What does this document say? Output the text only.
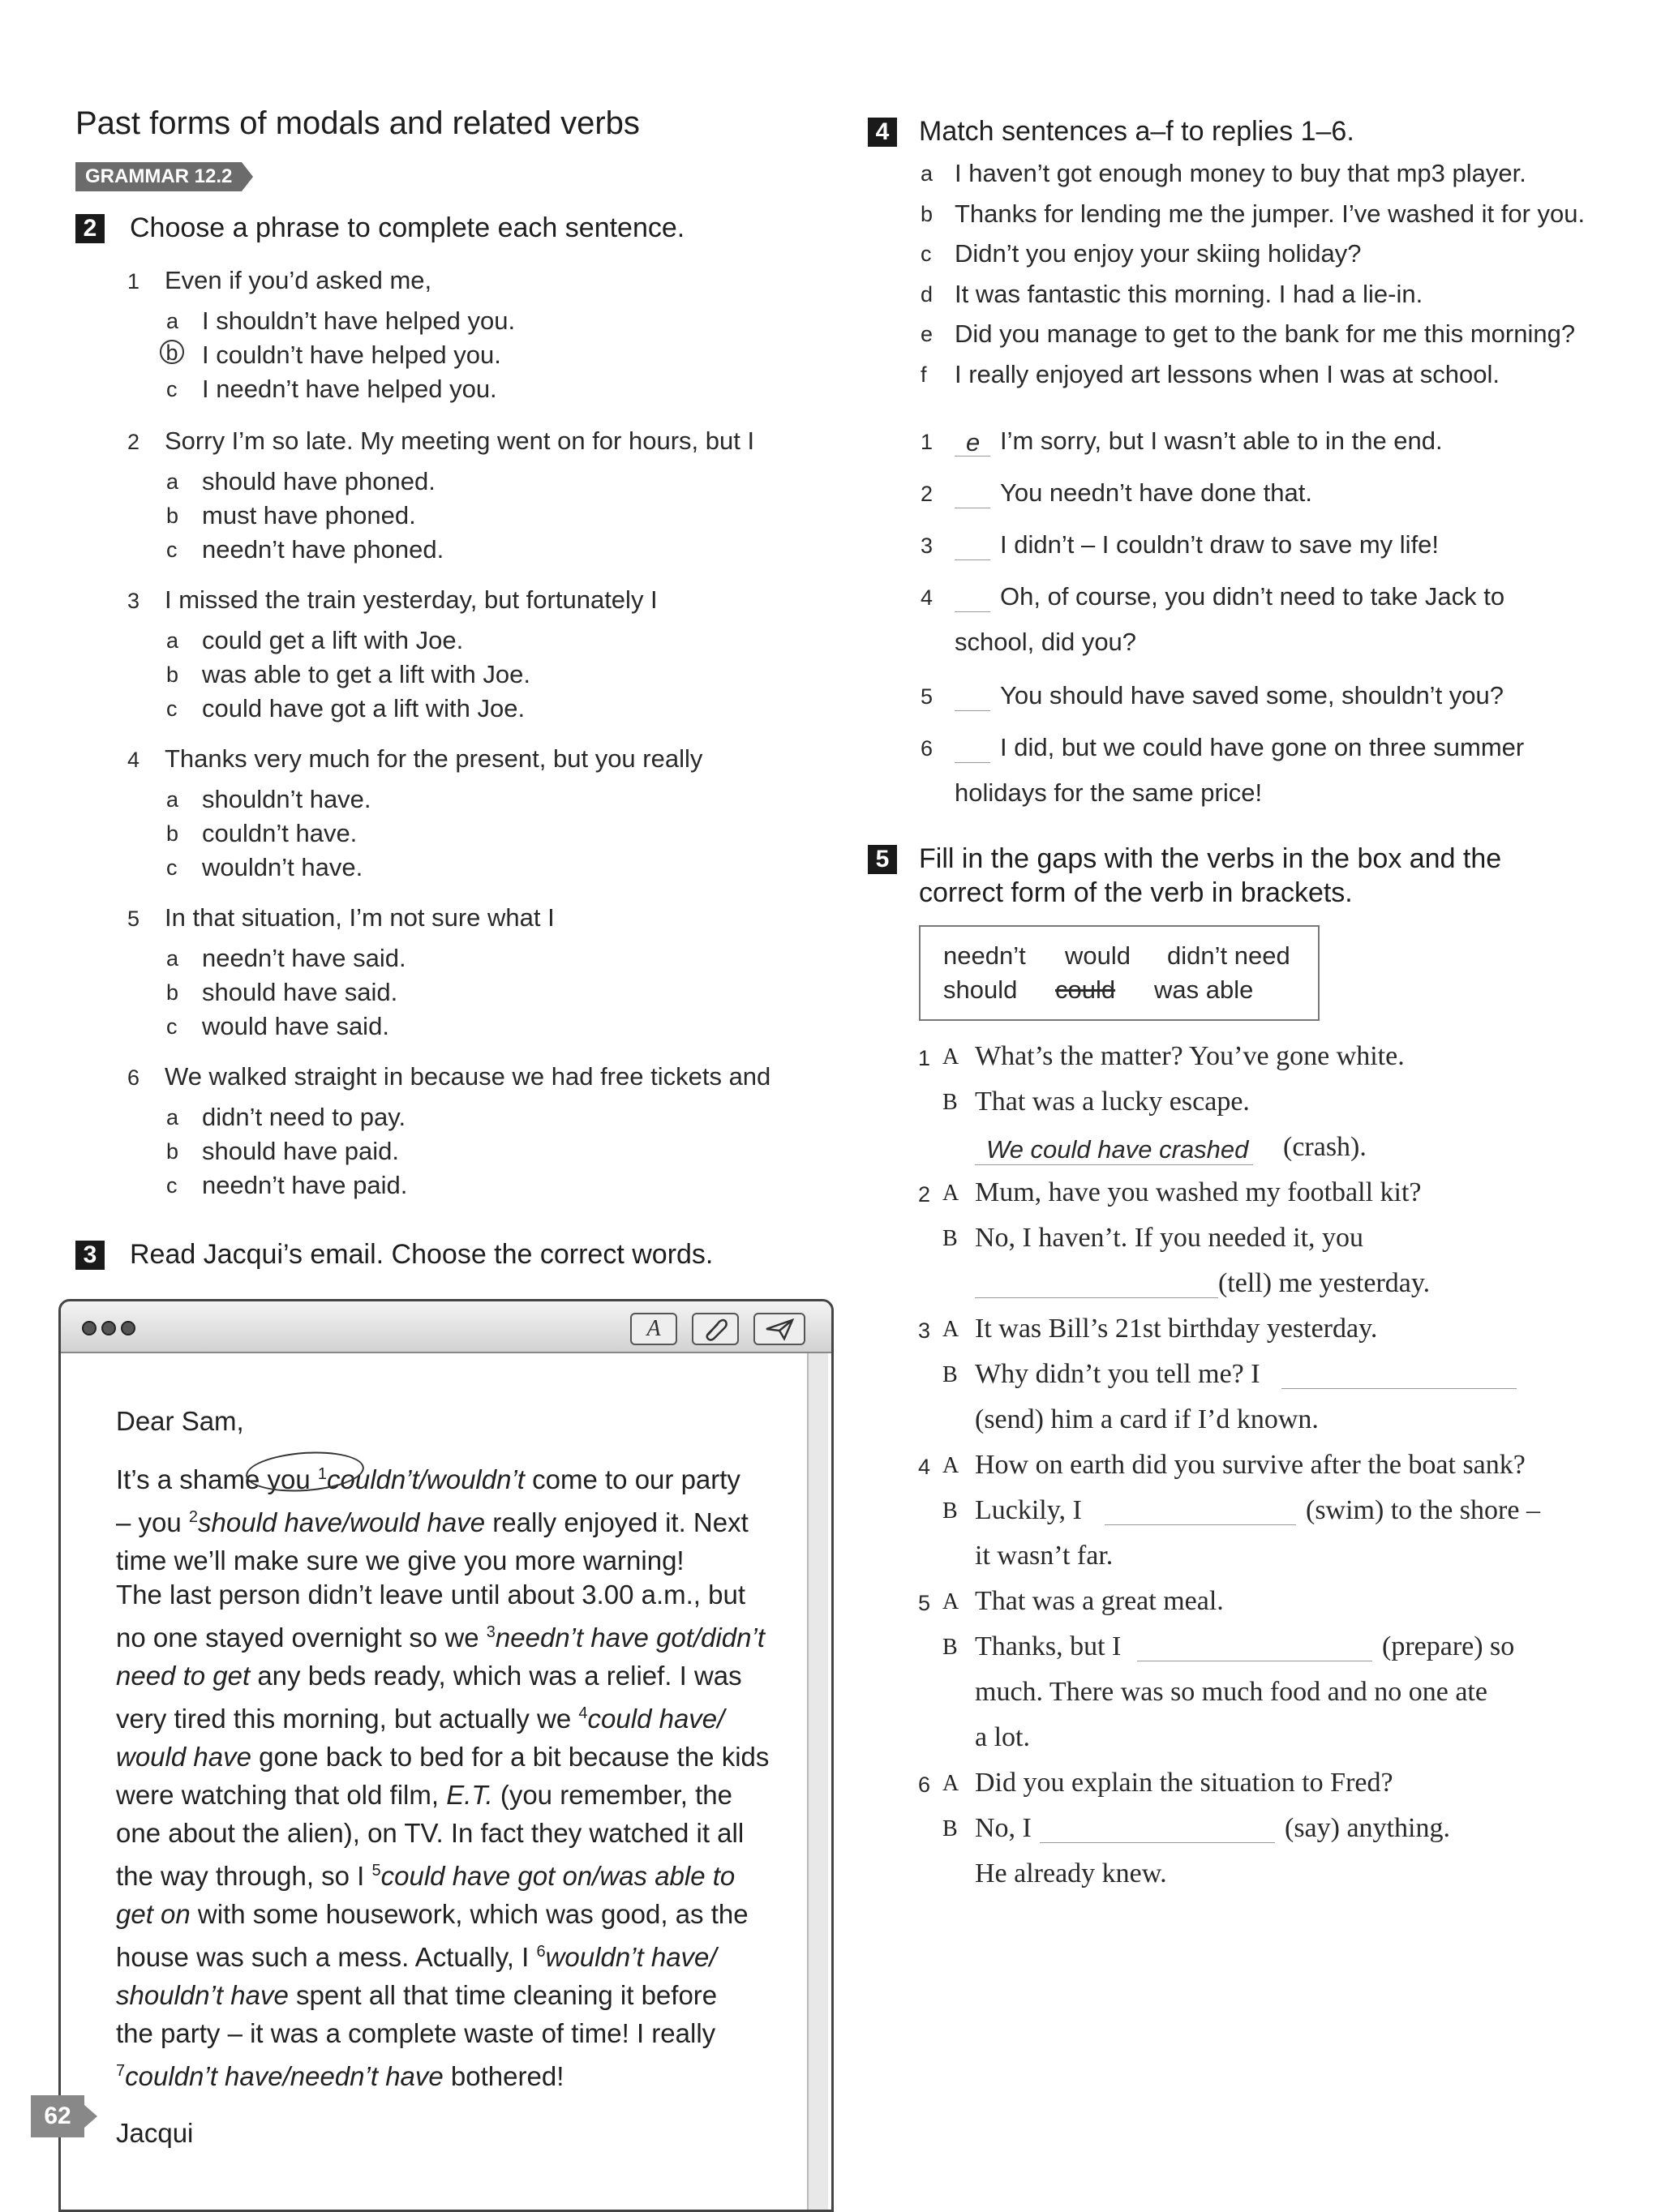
Past forms of modals and related verbs
GRAMMAR 12.2
2 Choose a phrase to complete each sentence.
1 Even if you’d asked me,
a I shouldn’t have helped you.
b I couldn’t have helped you.
c I needn’t have helped you.
2 Sorry I’m so late. My meeting went on for hours, but I
a should have phoned.
b must have phoned.
c needn’t have phoned.
3 I missed the train yesterday, but fortunately I
a could get a lift with Joe.
b was able to get a lift with Joe.
c could have got a lift with Joe.
4 Thanks very much for the present, but you really
a shouldn’t have.
b couldn’t have.
c wouldn’t have.
5 In that situation, I’m not sure what I
a needn’t have said.
b should have said.
c would have said.
6 We walked straight in because we had free tickets and
a didn’t need to pay.
b should have paid.
c needn’t have paid.
3 Read Jacqui’s email. Choose the correct words.
A
Dear Sam,
It’s a shame you $^1$couldn’t/wouldn’t come to our party
– you $^2$should have/would have really enjoyed it. Next
time we’ll make sure we give you more warning!
The last person didn’t leave until about 3.00 a.m., but
no one stayed overnight so we $^3$needn’t have got/didn’t
need to get any beds ready, which was a relief. I was
very tired this morning, but actually we $^4$could have/
would have gone back to bed for a bit because the kids
were watching that old film, E.T. (you remember, the
one about the alien), on TV. In fact they watched it all
the way through, so I $^5$could have got on/was able to
get on with some housework, which was good, as the
house was such a mess. Actually, I $^6$wouldn’t have/
shouldn’t have spent all that time cleaning it before
the party – it was a complete waste of time! I really
$^7$couldn’t have/needn’t have bothered!
Jacqui
62
4 Match sentences a–f to replies 1–6.
a I haven’t got enough money to buy that mp3 player.
b Thanks for lending me the jumper. I’ve washed it for you.
c Didn’t you enjoy your skiing holiday?
d It was fantastic this morning. I had a lie-in.
e Did you manage to get to the bank for me this morning?
f I really enjoyed art lessons when I was at school.
1	e I’m sorry, but I wasn’t able to in the end.
2	You needn’t have done that.
3	I didn’t – I couldn’t draw to save my life!
4	Oh, of course, you didn’t need to take Jack to
school, did you?
5	You should have saved some, shouldn’t you?
6	I did, but we could have gone on three summer
holidays for the same price!
5 Fill in the gaps with the verbs in the box and the
correct form of the verb in brackets.
needn’t would didn’t need
should could was able
1 A What’s the matter? You’ve gone white.
B That was a lucky escape.
We could have crashed (crash).
2 A Mum, have you washed my football kit?
B No, I haven’t. If you needed it, you
(tell) me yesterday.
3 A It was Bill’s 21st birthday yesterday.
B Why didn’t you tell me? I
(send) him a card if I’d known.
4 A How on earth did you survive after the boat sank?
B Luckily, I	(swim) to the shore –
it wasn’t far.
5 A That was a great meal.
B Thanks, but I	(prepare) so
much. There was so much food and no one ate
a lot.
6 A Did you explain the situation to Fred?
B No, I	(say) anything.
He already knew.
